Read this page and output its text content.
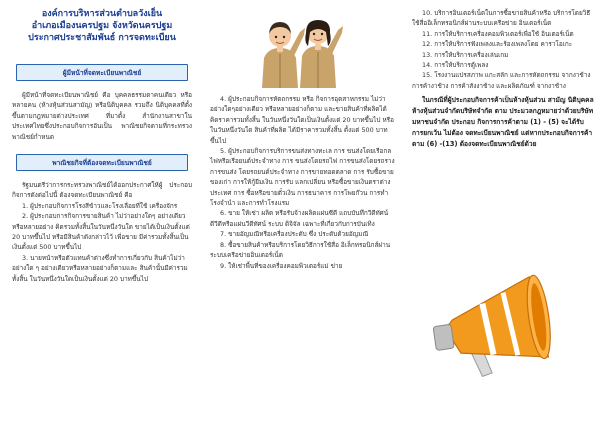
องค์การบริหารส่วนตำบลวังเย็น
อำเภอเมืองนครปฐม จังหวัดนครปฐม
ประกาศประชาสัมพันธ์ การจดทะเบียน
ผู้มีหน้าที่จดทะเบียนพาณิชย์
ผู้มีหน้าที่จดทะเบียนพาณิชย์ คือ บุคคลธรรมดาคนเดียว หรือหลายคน (ห้างหุ้นส่วนสามัญ) หรือนิติบุคคล รวมถึง นิติบุคคลที่ตั้งขึ้นตามกฎหมายต่างประเทศ ที่มาตั้ง สำนักงานสาขาในประเทศไทยซึ่งประกอบกิจการอันเป็น พาณิชยกิจตามที่กระทรวงพาณิชย์กำหนด
พาณิชยกิจที่ต้องจดทะเบียนพาณิชย์
รัฐมนตรีว่าการกระทรวงพาณิชย์ได้ออกประกาศให้ผู้ ประกอบกิจการดังต่อไปนี้ ต้องจดทะเบียนพาณิชย์ คือ
1. ผู้ประกอบกิจการโรงสีข้าวและโรงเลื่อยที่ใช้ เครื่องจักร
2. ผู้ประกอบการกิจการขายสินค้า ไม่ว่าอย่างใดๆ อย่างเดียวหรือหลายอย่าง คิดรวมทั้งสิ้นในวันหนึ่งวันใด ขายได้เป็นเงินตั้งแต่ 20 บาทขึ้นไป หรือมีสินค้าดังกล่าวไว้ เพื่อขาย มีค่ารวมทั้งสิ้นเป็นเงินตั้งแต่ 500 บาทขึ้นไป
3. นายหน้าหรือตัวแทนค้าต่างซึ่งทำการเกี่ยวกับ สินค้าไม่ว่าอย่างใด ๆ อย่างเดียวหรือหลายอย่างก็ตามและ สินค้านั้นมีค่ารวมทั้งสิ้น ในวันหนึ่งวันใดเป็นเงินตั้งแต่ 20 บาทขึ้นไป
4. ผู้ประกอบกิจการหัตถกรรม หรือ กิจการอุตสาหกรรม ไม่ว่าอย่างใดๆอย่างเดียว หรือหลายอย่างก็ตาม และขายสินค้าที่ผลิตได้ คิดราคารวมทั้งสิ้น ในวันหนึ่งวันใดเป็นเงินตั้งแต่ 20 บาทขึ้นไป หรือในวันหนึ่งวันใด สินค้าที่ผลิต ได้มีราคารวมทั้งสิ้น ตั้งแต่ 500 บาทขึ้นไป
5. ผู้ประกอบกิจการบริการขนส่งทางทะเล การ ขนส่งโดยเรือกลไฟหรือเรือยนต์ประจำทาง การ ขนส่งโดยรถไฟ การขนส่งโดยรถราง การขนส่ง โดยรถยนต์ประจำทาง การขายทอดตลาด การ รับซื้อขายของเก่า การให้กู้ยืมเงิน การรับ แลกเปลี่ยน หรือซื้อขายเงินตราต่างประเทศ การ ซื้อหรือขายตั๋วเงิน การธนาคาร การโพยก๊วน การทำโรงจำนำ และการทำโรงแรม
6. ขาย ให้เช่า ผลิต หรือรับจ้างผลิตแผ่นซีดี แถบบันทึกวีดีทัศน์ ดีวีดีหรือแผ่นวีดีทัศน์ ระบบ ดิจิจัล เฉพาะที่เกี่ยวกับการบันเทิง
7. ขายอัญมณีหรือเครื่องประดับ ซึ่ง ประดับด้วยอัญมณี
8. ซื้อขายสินค้าหรือบริการโดยวิธีการใช้สื่อ อิเล็กทรอนิกส์ผ่านระบบเครือข่ายอินเตอร์เน็ต
9. ให้เช่าพื้นที่ของเครื่องคอมพิวเตอร์แม่ ข่าย
10. บริการอินเตอร์เน็ตในการซื้อขายสินค้าหรือ บริการโดยวิธีใช้สื่ออิเล็กทรอนิกส์ผ่านระบบเครือข่าย อินเตอร์เน็ต
11. การให้บริการเครื่องคอมพิวเตอร์เพื่อใช้ อินเตอร์เน็ต
12. การให้บริการฟังเพลงและร้องเพลงโดย คาราโอเกะ
13. การให้บริการเครื่องเล่นเกม
14. การให้บริการตู้เพลง
15. โรงงานแปรสภาพ แกะสลัก และการหัตถกรรม จากงาช้าง การค้างาช้าง การค้าสังงาช้าง และผลิตภัณฑ์ จากงาช้าง
ในกรณีที่ผู้ประกอบกิจการค้าเป็นห้างหุ้นส่วน สามัญ นิติบุคคล ห้างหุ้นส่วนจำกัดบริษัทจำกัด ตาม ประมวลกฎหมายว่าด้วยบริษัทมหาชนจำกัด ประกอบ กิจการการค้าตาม (1) - (5) จะได้รับการยกเว้น ไม่ต้อง จดทะเบียนพาณิชย์ แต่หากประกอบกิจการค้าตาม (6) -(13) ต้องจดทะเบียนพาณิชย์ด้วย
